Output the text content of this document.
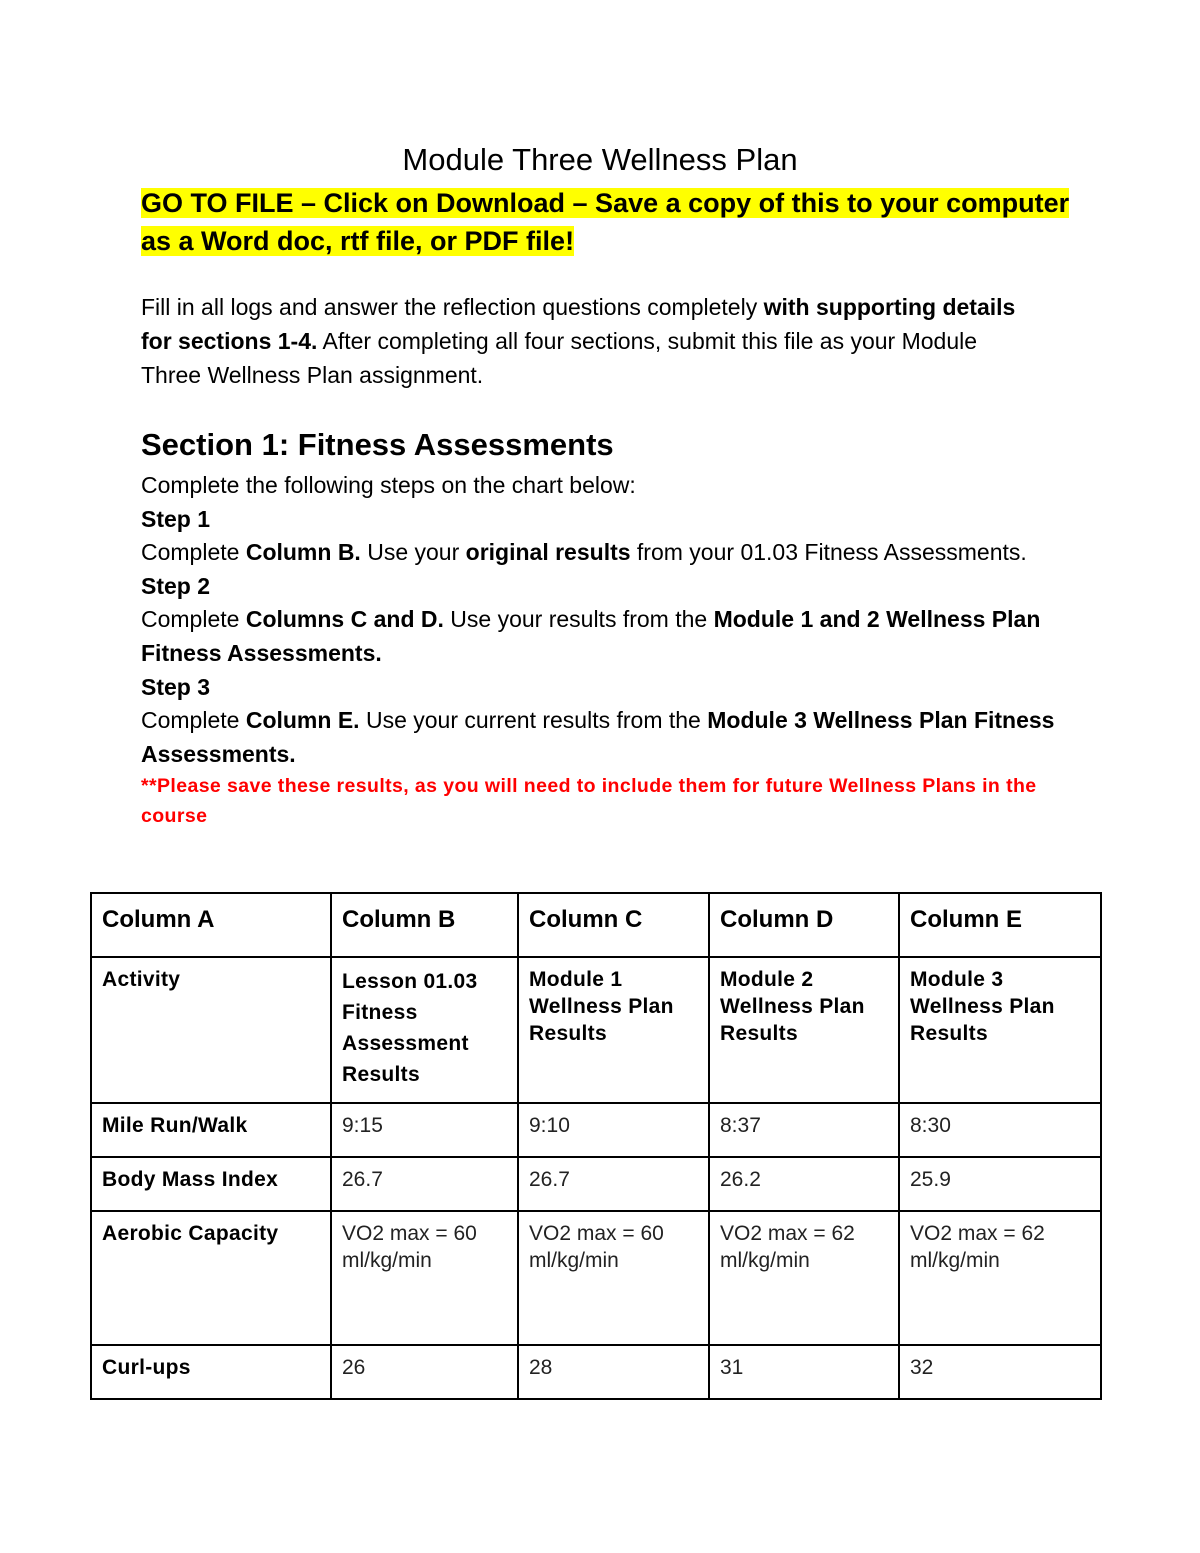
Module Three Wellness Plan
GO TO FILE – Click on Download – Save a copy of this to your computer as a Word doc, rtf file, or PDF file!
Fill in all logs and answer the reflection questions completely with supporting details for sections 1-4. After completing all four sections, submit this file as your Module Three Wellness Plan assignment.
Section 1: Fitness Assessments
Complete the following steps on the chart below:
Step 1
Complete Column B. Use your original results from your 01.03 Fitness Assessments.
Step 2
Complete Columns C and D. Use your results from the Module 1 and 2 Wellness Plan Fitness Assessments.
Step 3
Complete Column E. Use your current results from the Module 3 Wellness Plan Fitness Assessments.
**Please save these results, as you will need to include them for future Wellness Plans in the course
Column A	Column B	Column C	Column D	Column E
Activity	Lesson 01.03 Fitness Assessment Results	Module 1 Wellness Plan Results	Module 2 Wellness Plan Results	Module 3 Wellness Plan Results
Mile Run/Walk	9:15	9:10	8:37	8:30
Body Mass Index	26.7	26.7	26.2	25.9
Aerobic Capacity	VO2 max = 60 ml/kg/min	VO2 max = 60 ml/kg/min	VO2 max = 62 ml/kg/min	VO2 max = 62 ml/kg/min
Curl-ups	26	28	31	32
